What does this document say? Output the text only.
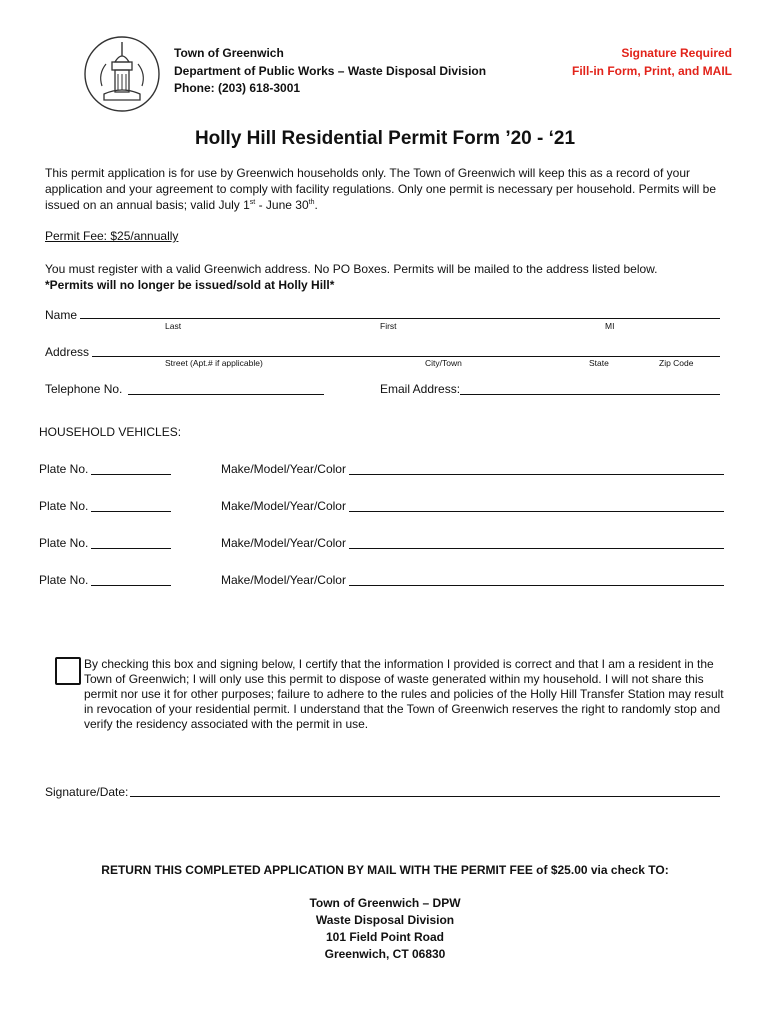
Town of Greenwich
Department of Public Works – Waste Disposal Division
Phone: (203) 618-3001
Signature Required
Fill-in Form, Print, and MAIL
Holly Hill Residential Permit Form ’20 - ‘21
This permit application is for use by Greenwich households only. The Town of Greenwich will keep this as a record of your application and your agreement to comply with facility regulations. Only one permit is necessary per household. Permits will be issued on an annual basis; valid July 1st - June 30th.
Permit Fee: $25/annually
You must register with a valid Greenwich address. No PO Boxes. Permits will be mailed to the address listed below.
*Permits will no longer be issued/sold at Holly Hill*
Name
Last	First	MI
Address
Street (Apt.# if applicable)	City/Town	State	Zip Code
Telephone No.	Email Address:
HOUSEHOLD VEHICLES:
Plate No.	Make/Model/Year/Color
Plate No.	Make/Model/Year/Color
Plate No.	Make/Model/Year/Color
Plate No.	Make/Model/Year/Color
By checking this box and signing below, I certify that the information I provided is correct and that I am a resident in the Town of Greenwich; I will only use this permit to dispose of waste generated within my household. I will not share this permit nor use it for other purposes; failure to adhere to the rules and policies of the Holly Hill Transfer Station may result in revocation of your residential permit. I understand that the Town of Greenwich reserves the right to randomly stop and verify the residency associated with the permit in use.
Signature/Date:
RETURN THIS COMPLETED APPLICATION BY MAIL WITH THE PERMIT FEE of $25.00 via check TO:
Town of Greenwich – DPW
Waste Disposal Division
101 Field Point Road
Greenwich, CT 06830
